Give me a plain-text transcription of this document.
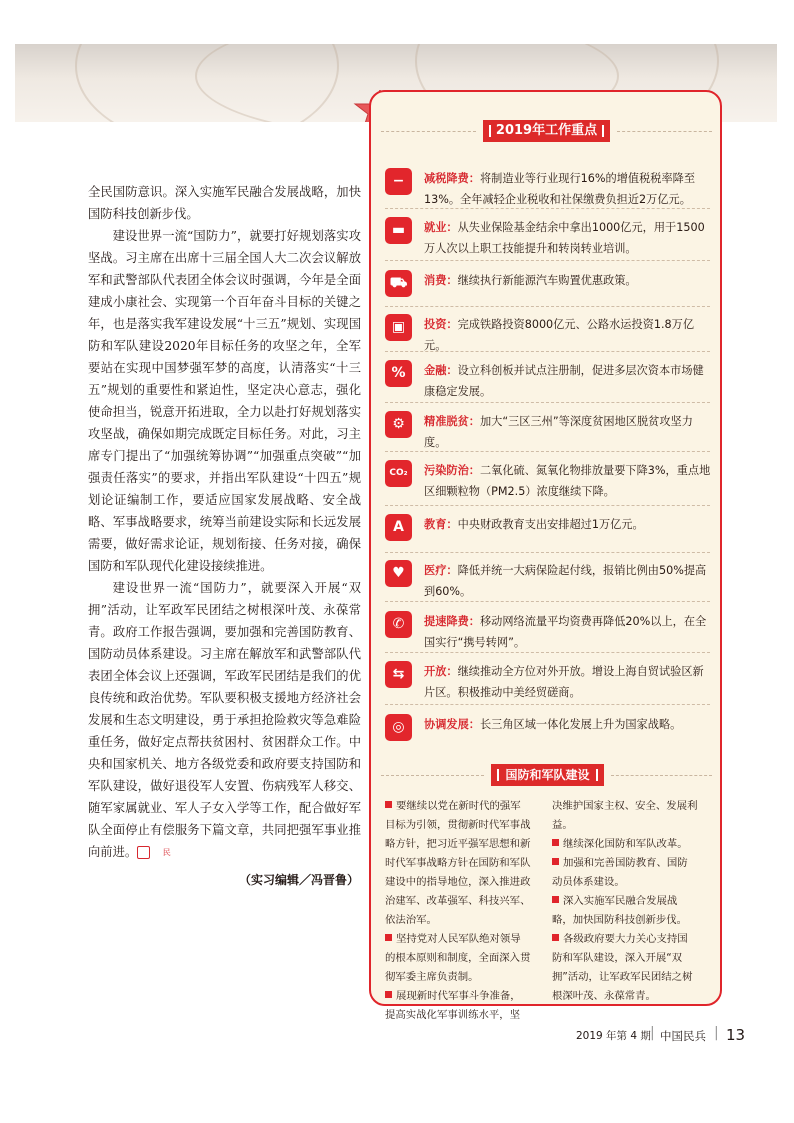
全民国防意识。深入实施军民融合发展战略，加快国防科技创新步伐。

建设世界一流“国防力”，就要打好规划落实攻坚战。习主席在出席十三届全国人大二次会议解放军和武警部队代表团全体会议时强调，今年是全面建成小康社会、实现第一个百年奋斗目标的关键之年，也是落实我军建设发展“十三五”规划、实现国防和军队建设2020年目标任务的攻坚之年，全军要站在实现中国梦强军梦的高度，认清落实“十三五”规划的重要性和紧迫性，坚定决心意志，强化使命担当，锐意开拓进取，全力以赴打好规划落实攻坚战，确保如期完成既定目标任务。对此，习主席专门提出了“加强统筹协调”“加强重点突破”“加强责任落实”的要求，并指出军队建设“十四五”规划论证编制工作，要适应国家发展战略、安全战略、军事战略要求，统筹当前建设实际和长远发展需要，做好需求论证，规划衔接、任务对接，确保国防和军队现代化建设接续推进。

建设世界一流“国防力”，就要深入开展“双拥”活动，让军政军民团结之树根深叶茂、永葆常青。政府工作报告强调，要加强和完善国防教育、国防动员体系建设。习主席在解放军和武警部队代表团全体会议上还强调，军政军民团结是我们的优良传统和政治优势。军队要积极支援地方经济社会发展和生态文明建设，勇于承担抢险救灾等急难险重任务，做好定点帮扶贫困村、贫困群众工作。中央和国家机关、地方各级党委和政府要支持国防和军队建设，做好退役军人安置、伤病残军人移交、随军家属就业、军人子女入学等工作，配合做好军队全面停止有偿服务下篇文章，共同把强军事业推向前进。	民

（实习编辑／冯晋鲁）
2019年工作重点
−	减税降费：将制造业等行业现行16%的增值税税率降至13%。全年减轻企业税收和社保缴费负担近2万亿元。
▬	就业：从失业保险基金结余中拿出1000亿元，用于1500万人次以上职工技能提升和转岗转业培训。
⛟	消费：继续执行新能源汽车购置优惠政策。
▣	投资：完成铁路投资8000亿元、公路水运投资1.8万亿元。
%	金融：设立科创板并试点注册制，促进多层次资本市场健康稳定发展。
⚙	精准脱贫：加大“三区三州”等深度贫困地区脱贫攻坚力度。
CO₂	污染防治：二氧化硫、氮氧化物排放量要下降3%，重点地区细颗粒物（PM2.5）浓度继续下降。
A	教育：中央财政教育支出安排超过1万亿元。
♥	医疗：降低并统一大病保险起付线，报销比例由50%提高到60%。
✆	提速降费：移动网络流量平均资费再降低20%以上，在全国实行“携号转网”。
⇆	开放：继续推动全方位对外开放。增设上海自贸试验区新片区。积极推动中美经贸磋商。
◎	协调发展：长三角区域一体化发展上升为国家战略。
国防和军队建设

要继续以党在新时代的强军目标为引领，贯彻新时代军事战略方针，把习近平强军思想和新时代军事战略方针在国防和军队建设中的指导地位，深入推进政治建军、改革强军、科技兴军、依法治军。

坚持党对人民军队绝对领导的根本原则和制度，全面深入贯彻军委主席负责制。

展现新时代军事斗争准备，提高实战化军事训练水平，坚

决维护国家主权、安全、发展利益。

继续深化国防和军队改革。

加强和完善国防教育、国防动员体系建设。

深入实施军民融合发展战略，加快国防科技创新步伐。

各级政府要大力关心支持国防和军队建设，深入开展“双拥”活动，让军政军民团结之树根深叶茂、永葆常青。

2019 年第 4 期 | 中国民兵 | 13
